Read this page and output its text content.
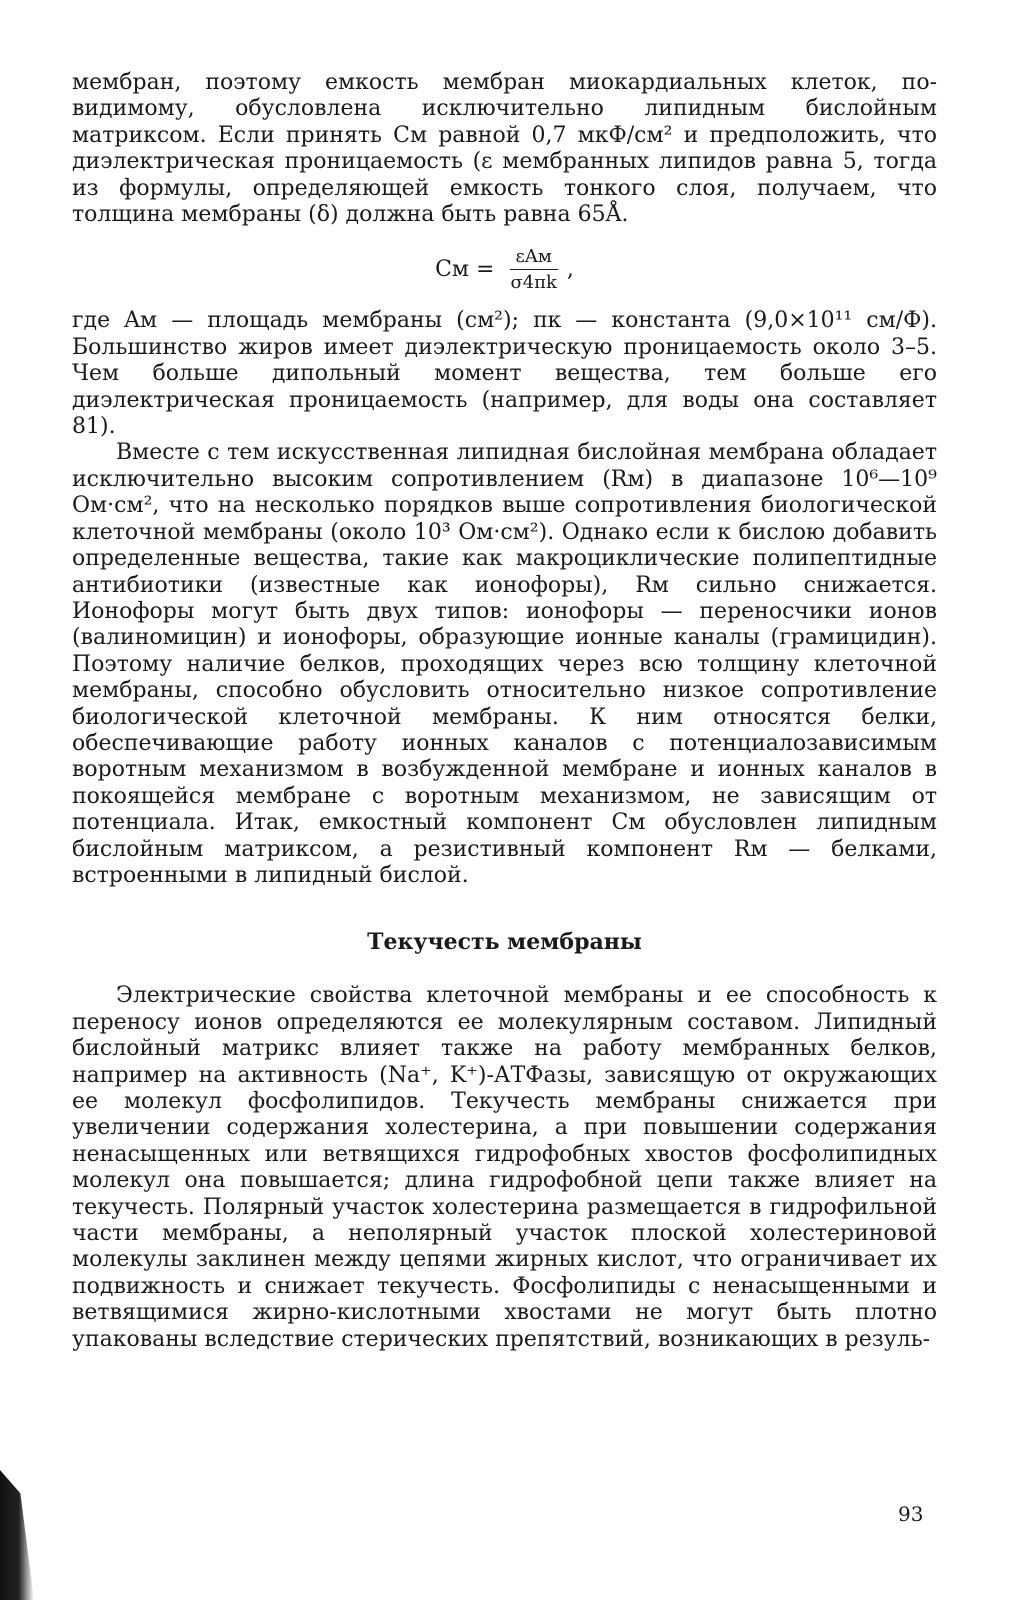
мембран, поэтому емкость мембран миокардиальных клеток, по-видимому, обусловлена исключительно липидным бислойным матриксом. Если принять Cм равной 0,7 мкФ/см² и предположить, что диэлектрическая проницаемость (ε мембранных липидов равна 5, тогда из формулы, определяющей емкость тонкого слоя, получаем, что толщина мембраны (δ) должна быть равна 65Å.

Cм = $\frac{\text{εAм}}{\sigma 4\pi k}$ ,

где Aм — площадь мембраны (см²); πк — константа (9,0×10¹¹ см/Ф). Большинство жиров имеет диэлектрическую проницаемость около 3–5. Чем больше дипольный момент вещества, тем больше его диэлектрическая проницаемость (например, для воды она составляет 81).

Вместе с тем искусственная липидная бислойная мембрана обладает исключительно высоким сопротивлением (Rм) в диапазоне 10⁶—10⁹ Ом·см², что на несколько порядков выше сопротивления биологической клеточной мембраны (около 10³ Ом·см²). Однако если к бислою добавить определенные вещества, такие как макроциклические полипептидные антибиотики (известные как ионофоры), Rм сильно снижается. Ионофоры могут быть двух типов: ионофоры — переносчики ионов (валиномицин) и ионофоры, образующие ионные каналы (грамицидин). Поэтому наличие белков, проходящих через всю толщину клеточной мембраны, способно обусловить относительно низкое сопротивление биологической клеточной мембраны. К ним относятся белки, обеспечивающие работу ионных каналов с потенциалозависимым воротным механизмом в возбужденной мембране и ионных каналов в покоящейся мембране с воротным механизмом, не зависящим от потенциала. Итак, емкостный компонент Cм обусловлен липидным бислойным матриксом, а резистивный компонент Rм — белками, встроенными в липидный бислой.

Текучесть мембраны

Электрические свойства клеточной мембраны и ее способность к переносу ионов определяются ее молекулярным составом. Липидный бислойный матрикс влияет также на работу мембранных белков, например на активность (Na⁺, K⁺)-АТФазы, зависящую от окружающих ее молекул фосфолипидов. Текучесть мембраны снижается при увеличении содержания холестерина, а при повышении содержания ненасыщенных или ветвящихся гидрофобных хвостов фосфолипидных молекул она повышается; длина гидрофобной цепи также влияет на текучесть. Полярный участок холестерина размещается в гидрофильной части мембраны, а неполярный участок плоской холестериновой молекулы заклинен между цепями жирных кислот, что ограничивает их подвижность и снижает текучесть. Фосфолипиды с ненасыщенными и ветвящимися жирно-кислотными хвостами не могут быть плотно упакованы вследствие стерических препятствий, возникающих в резуль-

93
